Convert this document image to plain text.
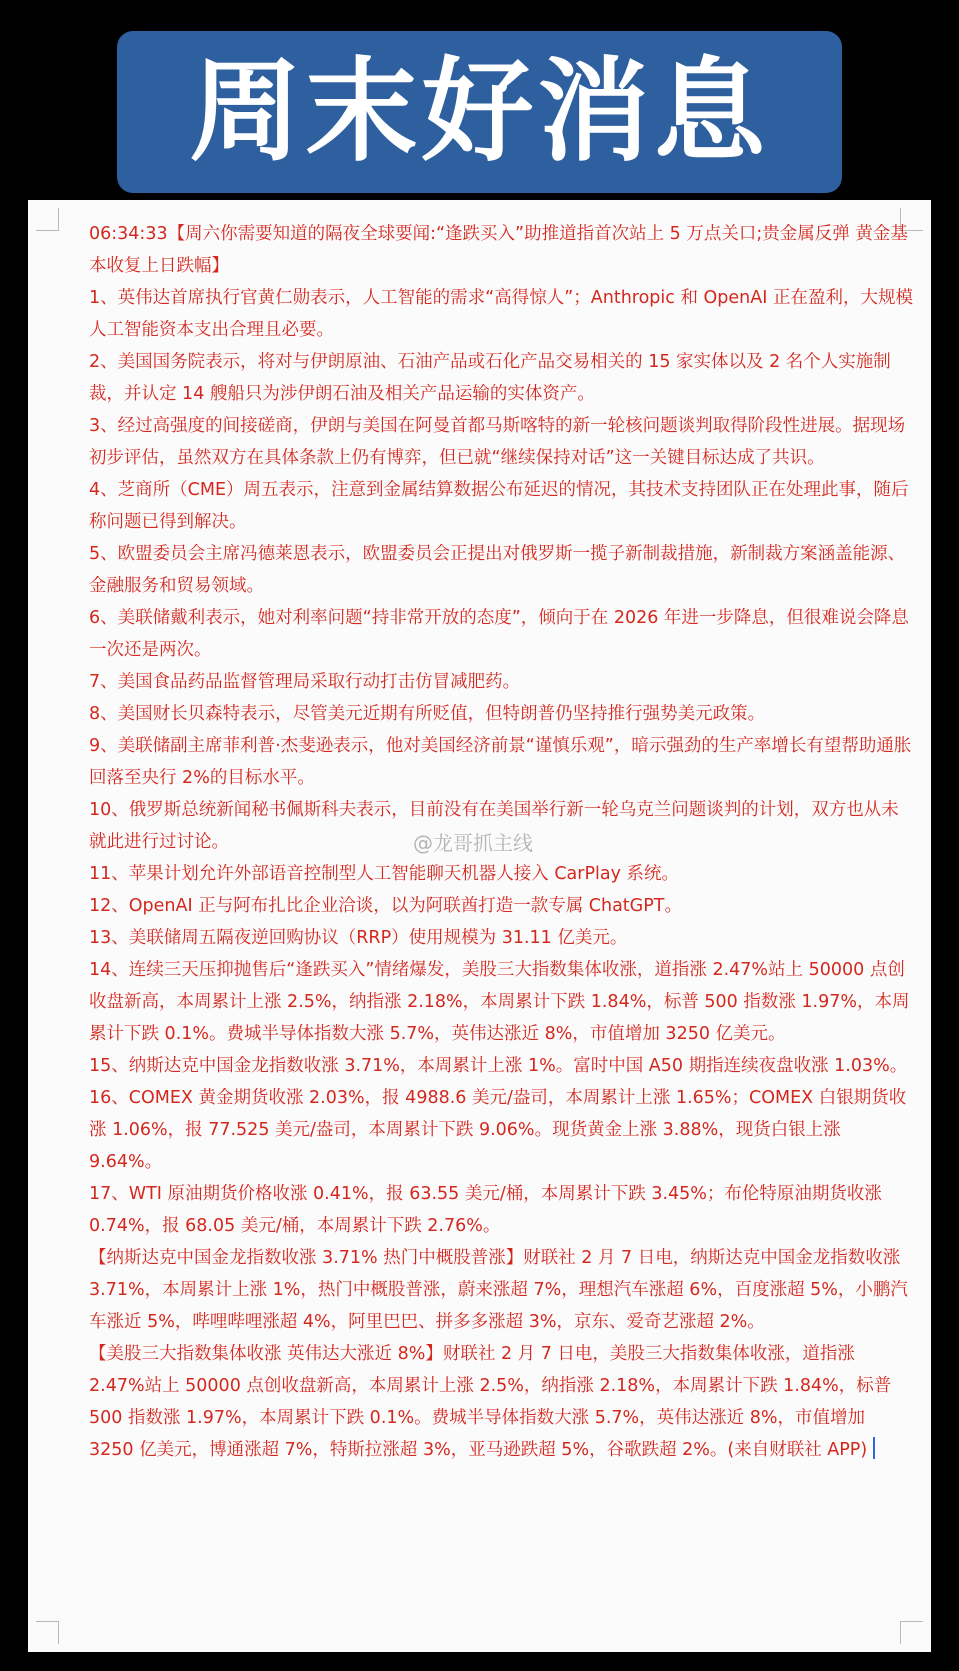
周末好消息

06:34:33【周六你需要知道的隔夜全球要闻:“逢跌买入”助推道指首次站上 5 万点关口;贵金属反弹 黄金基本收复上日跌幅】

1、英伟达首席执行官黄仁勋表示，人工智能的需求“高得惊人”；Anthropic 和 OpenAI 正在盈利，大规模人工智能资本支出合理且必要。

2、美国国务院表示，将对与伊朗原油、石油产品或石化产品交易相关的 15 家实体以及 2 名个人实施制裁，并认定 14 艘船只为涉伊朗石油及相关产品运输的实体资产。

3、经过高强度的间接磋商，伊朗与美国在阿曼首都马斯喀特的新一轮核问题谈判取得阶段性进展。据现场初步评估，虽然双方在具体条款上仍有博弈，但已就“继续保持对话”这一关键目标达成了共识。

4、芝商所（CME）周五表示，注意到金属结算数据公布延迟的情况，其技术支持团队正在处理此事，随后称问题已得到解决。

5、欧盟委员会主席冯德莱恩表示，欧盟委员会正提出对俄罗斯一揽子新制裁措施，新制裁方案涵盖能源、金融服务和贸易领域。

6、美联储戴利表示，她对利率问题“持非常开放的态度”，倾向于在 2026 年进一步降息，但很难说会降息一次还是两次。

7、美国食品药品监督管理局采取行动打击仿冒减肥药。

8、美国财长贝森特表示，尽管美元近期有所贬值，但特朗普仍坚持推行强势美元政策。

9、美联储副主席菲利普·杰斐逊表示，他对美国经济前景“谨慎乐观”，暗示强劲的生产率增长有望帮助通胀回落至央行 2%的目标水平。

10、俄罗斯总统新闻秘书佩斯科夫表示，目前没有在美国举行新一轮乌克兰问题谈判的计划，双方也从未就此进行过讨论。

11、苹果计划允许外部语音控制型人工智能聊天机器人接入 CarPlay 系统。

12、OpenAI 正与阿布扎比企业洽谈，以为阿联酋打造一款专属 ChatGPT。

13、美联储周五隔夜逆回购协议（RRP）使用规模为 31.11 亿美元。

14、连续三天压抑抛售后“逢跌买入”情绪爆发，美股三大指数集体收涨，道指涨 2.47%站上 50000 点创收盘新高，本周累计上涨 2.5%，纳指涨 2.18%，本周累计下跌 1.84%，标普 500 指数涨 1.97%，本周累计下跌 0.1%。费城半导体指数大涨 5.7%，英伟达涨近 8%，市值增加 3250 亿美元。

15、纳斯达克中国金龙指数收涨 3.71%，本周累计上涨 1%。富时中国 A50 期指连续夜盘收涨 1.03%。

16、COMEX 黄金期货收涨 2.03%，报 4988.6 美元/盎司，本周累计上涨 1.65%；COMEX 白银期货收涨 1.06%，报 77.525 美元/盎司，本周累计下跌 9.06%。现货黄金上涨 3.88%，现货白银上涨 9.64%。

17、WTI 原油期货价格收涨 0.41%，报 63.55 美元/桶，本周累计下跌 3.45%；布伦特原油期货收涨 0.74%，报 68.05 美元/桶，本周累计下跌 2.76%。

【纳斯达克中国金龙指数收涨 3.71% 热门中概股普涨】财联社 2 月 7 日电，纳斯达克中国金龙指数收涨 3.71%，本周累计上涨 1%，热门中概股普涨，蔚来涨超 7%，理想汽车涨超 6%，百度涨超 5%，小鹏汽车涨近 5%，哔哩哔哩涨超 4%，阿里巴巴、拼多多涨超 3%，京东、爱奇艺涨超 2%。

【美股三大指数集体收涨 英伟达大涨近 8%】财联社 2 月 7 日电，美股三大指数集体收涨，道指涨 2.47%站上 50000 点创收盘新高，本周累计上涨 2.5%，纳指涨 2.18%，本周累计下跌 1.84%，标普 500 指数涨 1.97%，本周累计下跌 0.1%。费城半导体指数大涨 5.7%，英伟达涨近 8%，市值增加 3250 亿美元，博通涨超 7%，特斯拉涨超 3%，亚马逊跌超 5%，谷歌跌超 2%。(来自财联社 APP)

@龙哥抓主线
